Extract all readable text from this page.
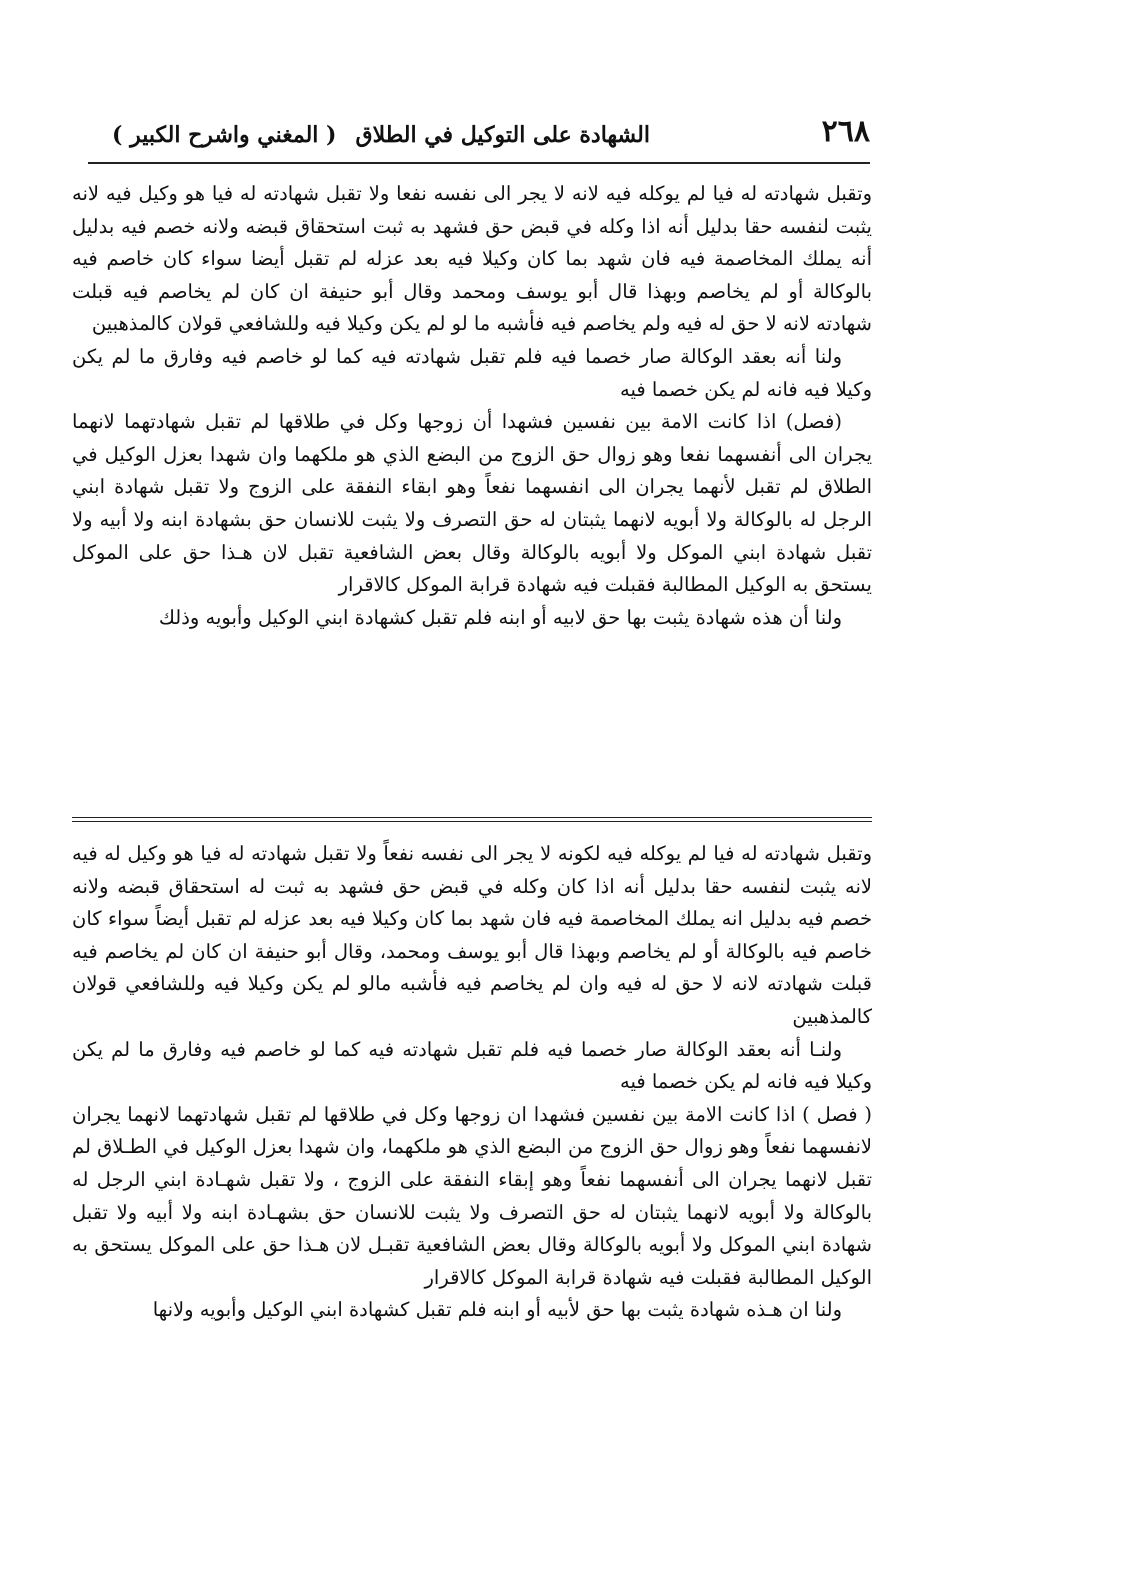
٢٦٨
الشهادة على التوكيل في الطلاق
( المغني واشرح الكبير )

وتقبل شهادته له فيا لم يوكله فيه لانه لا يجر الى نفسه نفعا ولا تقبل شهادته له فيا هو وكيل فيه لانه يثبت لنفسه حقا بدليل أنه اذا وكله في قبض حق فشهد به ثبت استحقاق قبضه ولانه خصم فيه بدليل أنه يملك المخاصمة فيه فان شهد بما كان وكيلا فيه بعد عزله لم تقبل أيضا سواء كان خاصم فيه بالوكالة أو لم يخاصم وبهذا قال أبو يوسف ومحمد وقال أبو حنيفة ان كان لم يخاصم فيه قبلت شهادته لانه لا حق له فيه ولم يخاصم فيه فأشبه ما لو لم يكن وكيلا فيه وللشافعي قولان كالمذهبين

ولنا أنه بعقد الوكالة صار خصما فيه فلم تقبل شهادته فيه كما لو خاصم فيه وفارق ما لم يكن وكيلا فيه فانه لم يكن خصما فيه

(فصل) اذا كانت الامة بين نفسين فشهدا أن زوجها وكل في طلاقها لم تقبل شهادتهما لانهما يجران الى أنفسهما نفعا وهو زوال حق الزوج من البضع الذي هو ملكهما وان شهدا بعزل الوكيل في الطلاق لم تقبل لأنهما يجران الى انفسهما نفعاً وهو ابقاء النفقة على الزوج ولا تقبل شهادة ابني الرجل له بالوكالة ولا أبويه لانهما يثبتان له حق التصرف ولا يثبت للانسان حق بشهادة ابنه ولا أبيه ولا تقبل شهادة ابني الموكل ولا أبويه بالوكالة وقال بعض الشافعية تقبل لان هـذا حق على الموكل يستحق به الوكيل المطالبة فقبلت فيه شهادة قرابة الموكل كالاقرار

ولنا أن هذه شهادة يثبت بها حق لابيه أو ابنه فلم تقبل كشهادة ابني الوكيل وأبويه وذلك

وتقبل شهادته له فيا لم يوكله فيه لكونه لا يجر الى نفسه نفعاً ولا تقبل شهادته له فيا هو وكيل له فيه لانه يثبت لنفسه حقا بدليل أنه اذا كان وكله في قبض حق فشهد به ثبت له استحقاق قبضه ولانه خصم فيه بدليل انه يملك المخاصمة فيه فان شهد بما كان وكيلا فيه بعد عزله لم تقبل أيضاً سواء كان خاصم فيه بالوكالة أو لم يخاصم وبهذا قال أبو يوسف ومحمد، وقال أبو حنيفة ان كان لم يخاصم فيه قبلت شهادته لانه لا حق له فيه وان لم يخاصم فيه فأشبه مالو لم يكن وكيلا فيه وللشافعي قولان كالمذهبين

ولنـا أنه بعقد الوكالة صار خصما فيه فلم تقبل شهادته فيه كما لو خاصم فيه وفارق ما لم يكن وكيلا فيه فانه لم يكن خصما فيه

( فصل ) اذا كانت الامة بين نفسين فشهدا ان زوجها وكل في طلاقها لم تقبل شهادتهما لانهما يجران لانفسهما نفعاً وهو زوال حق الزوج من البضع الذي هو ملكهما، وان شهدا بعزل الوكيل في الطـلاق لم تقبل لانهما يجران الى أنفسهما نفعاً وهو إبقاء النفقة على الزوج ، ولا تقبل شهـادة ابني الرجل له بالوكالة ولا أبويه لانهما يثبتان له حق التصرف ولا يثبت للانسان حق بشهـادة ابنه ولا أبيه ولا تقبل شهادة ابني الموكل ولا أبويه بالوكالة وقال بعض الشافعية تقبـل لان هـذا حق على الموكل يستحق به الوكيل المطالبة فقبلت فيه شهادة قرابة الموكل كالاقرار

ولنا ان هـذه شهادة يثبت بها حق لأبيه أو ابنه فلم تقبل كشهادة ابني الوكيل وأبويه ولانها
